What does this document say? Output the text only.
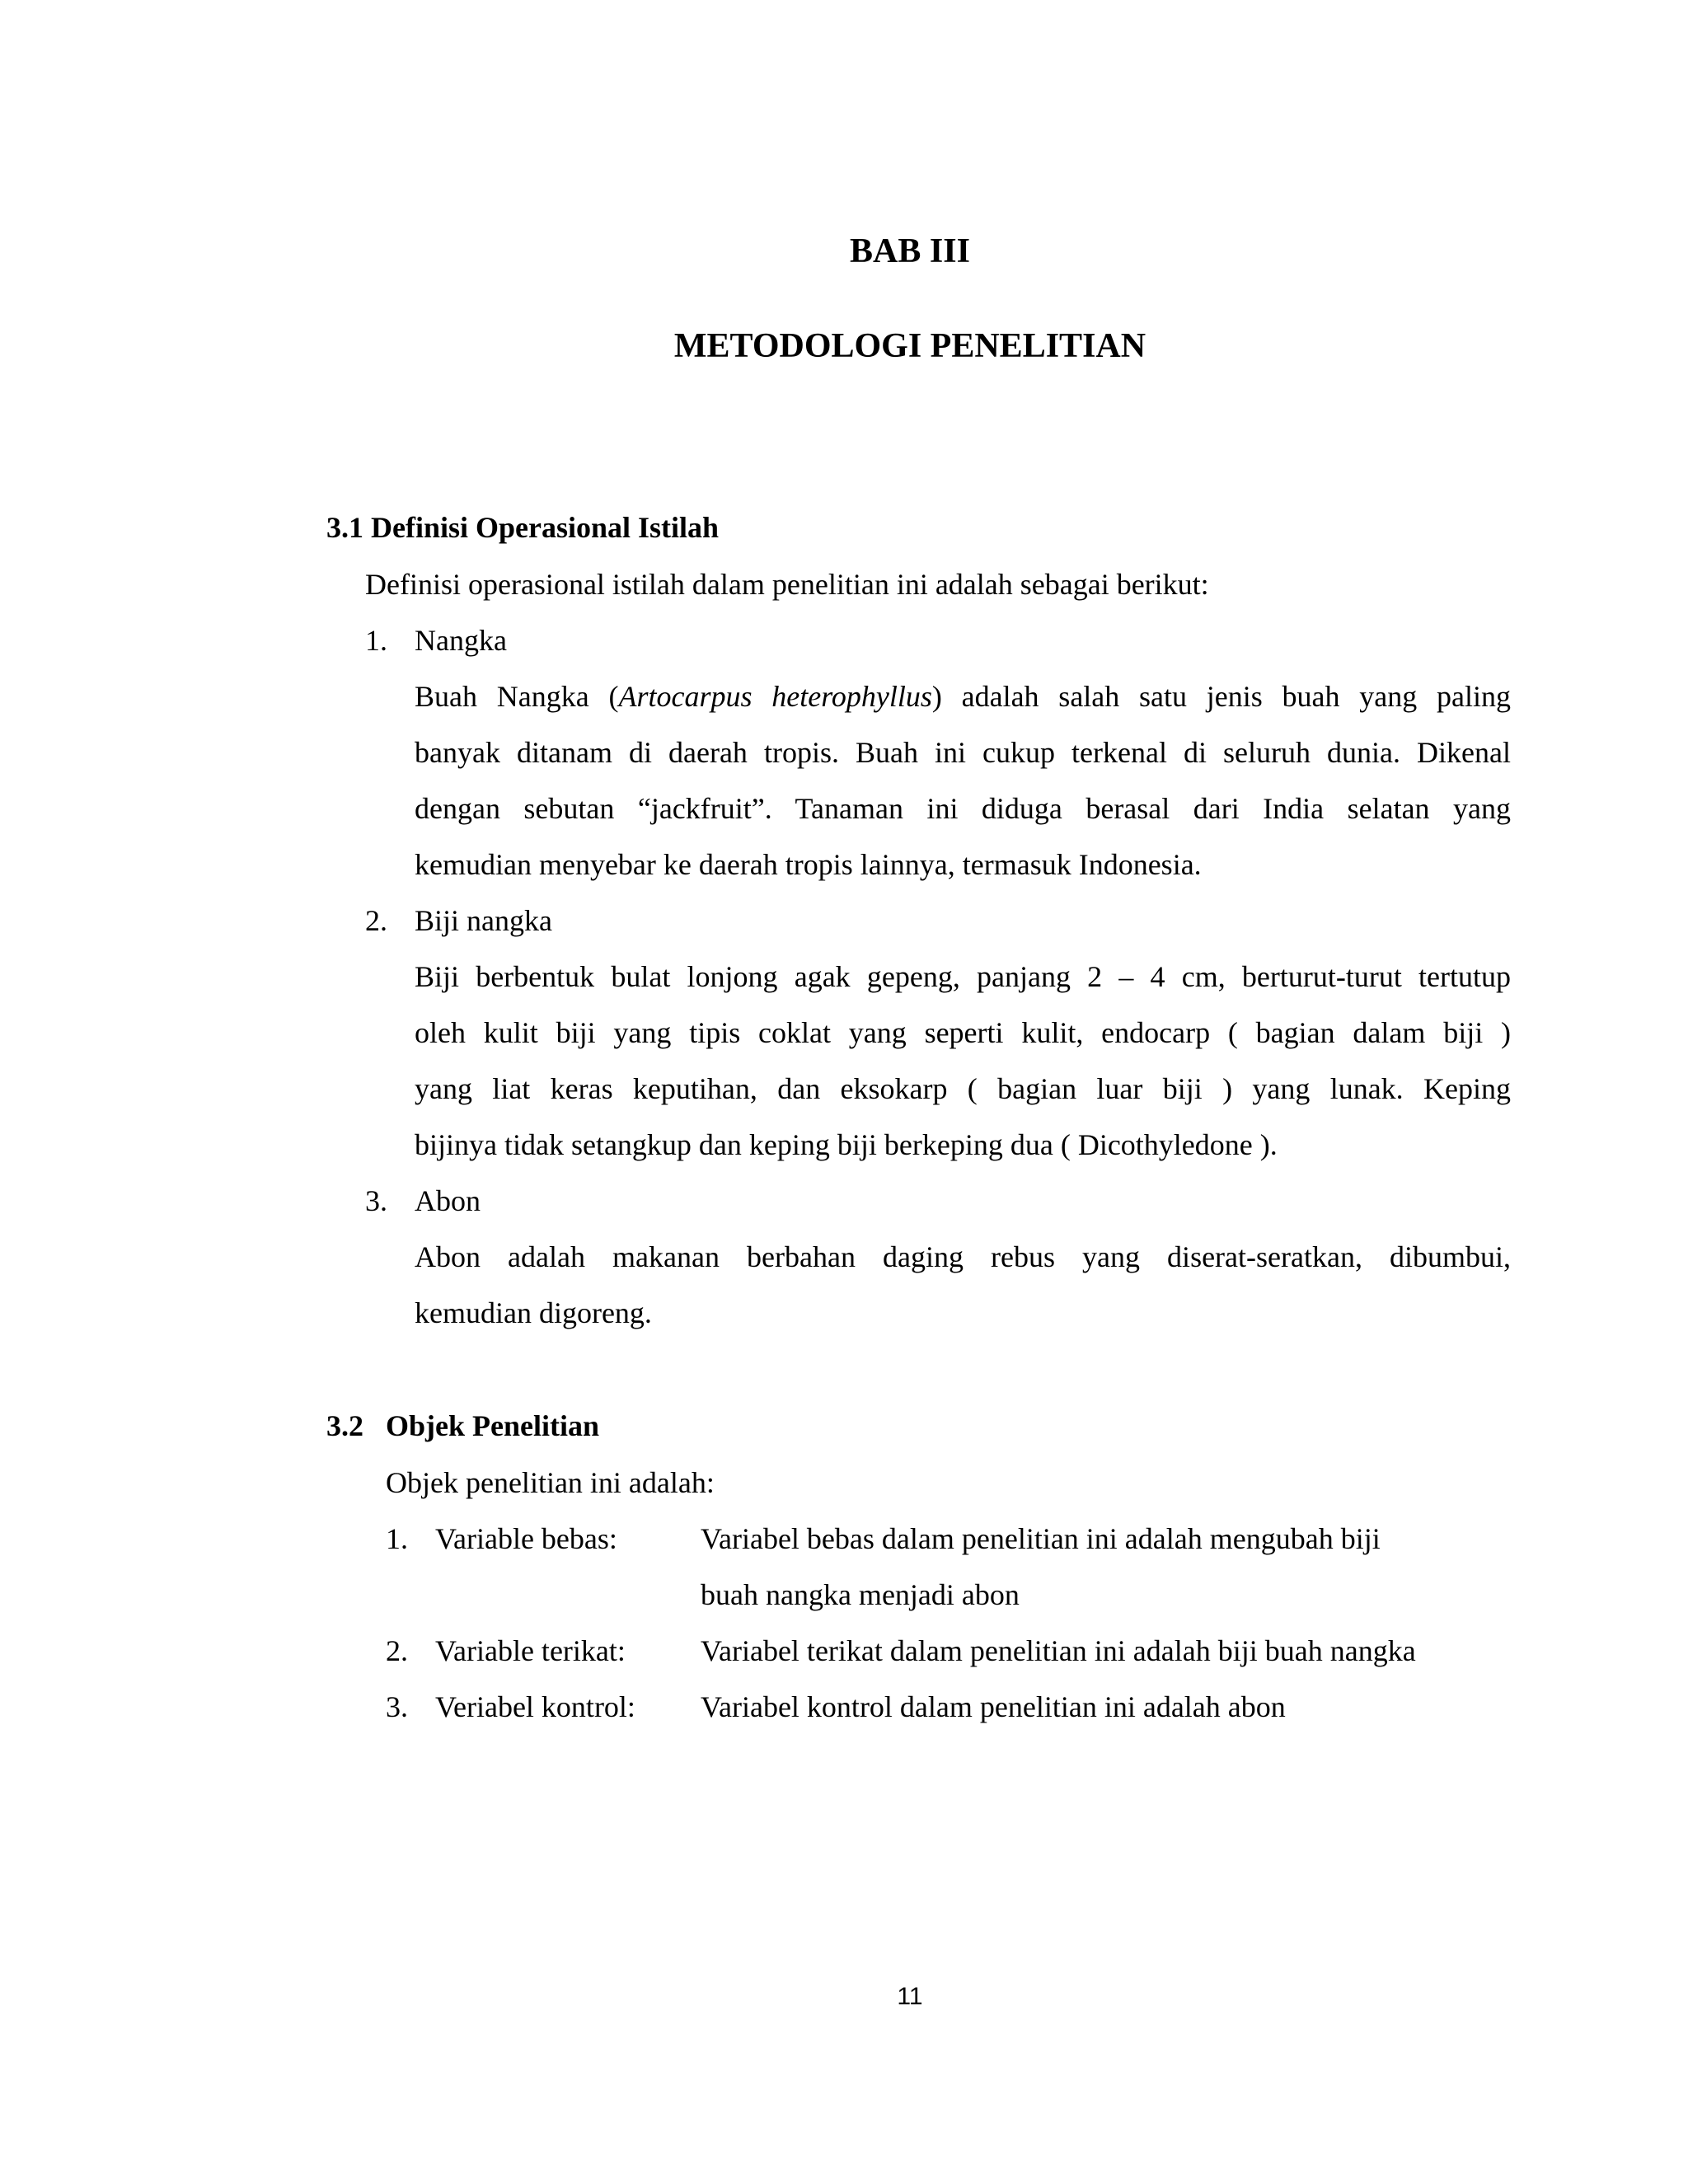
BAB III
METODOLOGI PENELITIAN
3.1 Definisi Operasional Istilah
Definisi operasional istilah dalam penelitian ini adalah sebagai berikut:
1. Nangka
Buah Nangka (Artocarpus heterophyllus) adalah salah satu jenis buah yang paling
banyak ditanam di daerah tropis. Buah ini cukup terkenal di seluruh dunia. Dikenal
dengan sebutan “jackfruit”. Tanaman ini diduga berasal dari India selatan yang
kemudian menyebar ke daerah tropis lainnya, termasuk Indonesia.
2. Biji nangka
Biji berbentuk bulat lonjong agak gepeng, panjang 2 – 4 cm, berturut-turut tertutup
oleh kulit biji yang tipis coklat yang seperti kulit, endocarp ( bagian dalam biji )
yang liat keras keputihan, dan eksokarp ( bagian luar biji ) yang lunak. Keping
bijinya tidak setangkup dan keping biji berkeping dua ( Dicothyledone ).
3. Abon
Abon adalah makanan berbahan daging rebus yang diserat-seratkan, dibumbui,
kemudian digoreng.
3.2 Objek Penelitian
Objek penelitian ini adalah:
1. Variable bebas:	Variabel bebas dalam penelitian ini adalah mengubah biji
buah nangka menjadi abon
2. Variable terikat:	Variabel terikat dalam penelitian ini adalah biji buah nangka
3. Veriabel kontrol: Variabel kontrol dalam penelitian ini adalah abon
11
